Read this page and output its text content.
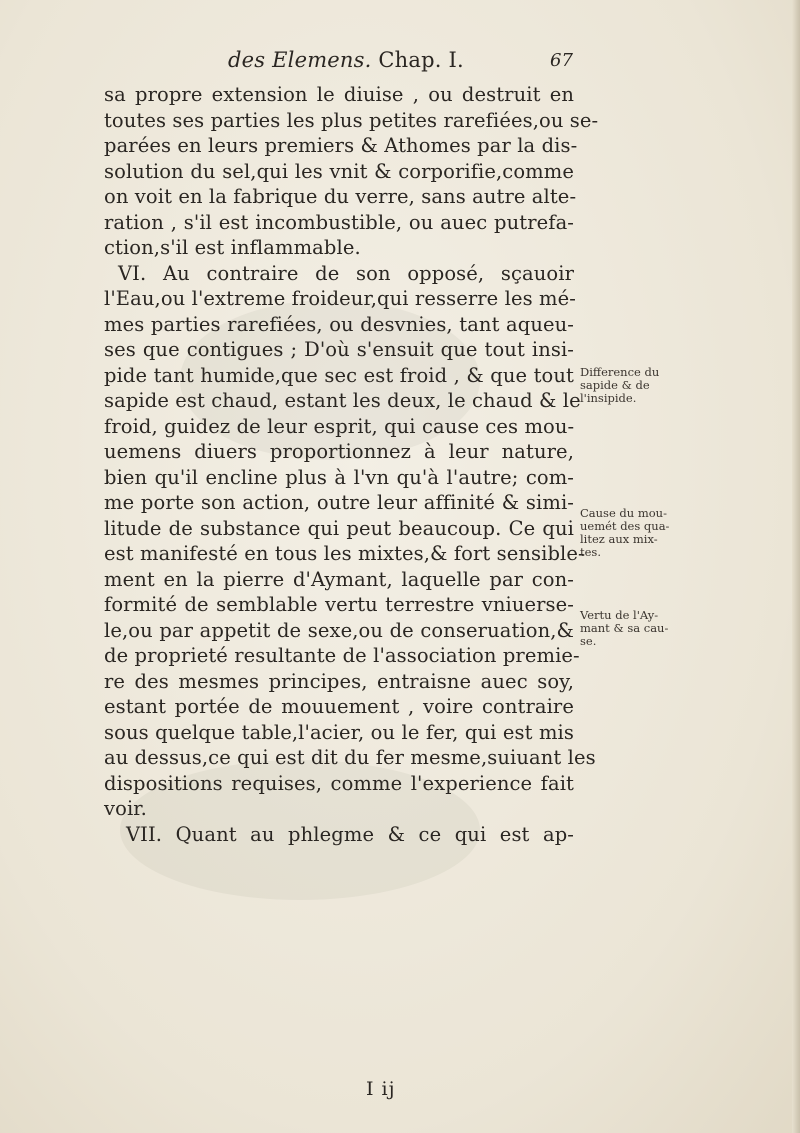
des Elemens. Chap. I.	67
sa propre extension le diuise , ou destruit en
toutes ses parties les plus petites rarefiées,ou se-
parées en leurs premiers & Athomes par la dis-
solution du sel,qui les vnit & corporifie,comme
on voit en la fabrique du verre, sans autre alte-
ration , s'il est incombustible, ou auec putrefa-
ction,s'il est inflammable.
VI. Au contraire de son opposé, sçauoir
l'Eau,ou l'extreme froideur,qui resserre les mé-
mes parties rarefiées, ou desvnies, tant aqueu-
ses que contigues ; D'où s'ensuit que tout insi-
pide tant humide,que sec est froid , & que tout
sapide est chaud, estant les deux, le chaud & le
froid, guidez de leur esprit, qui cause ces mou-
uemens diuers proportionnez à leur nature,
bien qu'il encline plus à l'vn qu'à l'autre; com-
me porte son action, outre leur affinité & simi-
litude de substance qui peut beaucoup. Ce qui
est manifesté en tous les mixtes,& fort sensible-
ment en la pierre d'Aymant, laquelle par con-
formité de semblable vertu terrestre vniuerse-
le,ou par appetit de sexe,ou de conseruation,&
de proprieté resultante de l'association premie-
re des mesmes principes, entraisne auec soy,
estant portée de mouuement , voire contraire
sous quelque table,l'acier, ou le fer, qui est mis
au dessus,ce qui est dit du fer mesme,suiuant les
dispositions requises, comme l'experience fait
voir.
VII. Quant au phlegme & ce qui est ap-
Difference du
sapide & de
l'insipide.
Cause du mou-
uemét des qua-
litez aux mix-
tes.
Vertu de l'Ay-
mant & sa cau-
se.
I ij
